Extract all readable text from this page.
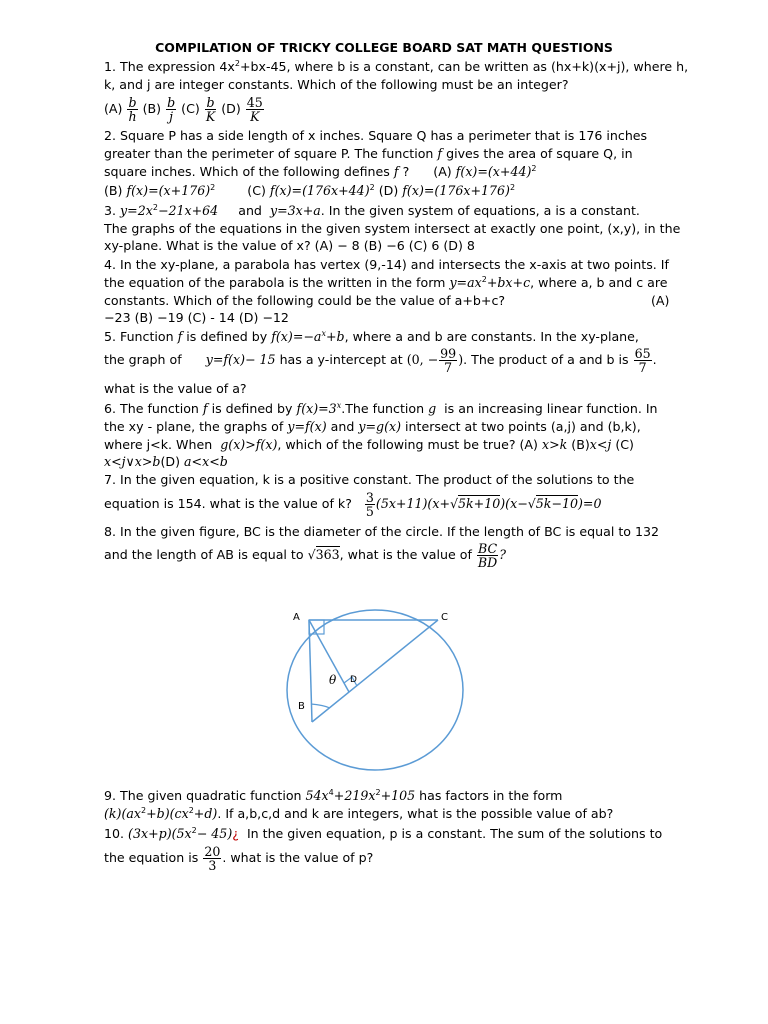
COMPILATION OF TRICKY COLLEGE BOARD SAT MATH QUESTIONS
1. The expression $4x^2+bx-45$, where b is a constant, can be written as (hx+k)(x+j), where h,
k, and j are integer constants. Which of the following must be an integer?
$(A) \frac{b}{h} (B) \frac{b}{j} (C) \frac{b}{K} (D) \frac{45}{K}$
2. Square P has a side length of x inches. Square Q has a perimeter that is 176 inches
greater than the perimeter of square P. The function f gives the area of square Q, in
square inches. Which of the following defines f ? (A) $f(x)=(x+44)^2$
(B) $f(x)=(x+176)^2$	(C) $f(x)=(176x+44)^2$ (D) $f(x)=(176x+176)^2$
3. $y=2x^2-21x+64$ and y=3x+a. In the given system of equations, a is a constant.
The graphs of the equations in the given system intersect at exactly one point, (x,y), in the
xy-plane. What is the value of x? (A) − 8 (B) −6 (C) 6 (D) 8
4. In the xy-plane, a parabola has vertex (9,-14) and intersects the x-axis at two points. If
the equation of the parabola is the written in the form $y=ax^2+bx+c$, where a, b and c are
constants. Which of the following could be the value of a+b+c?	(A)
−23 (B) −19 (C) - 14 (D) −12
5. Function f is defined by $f(x)=-a^x+b$, where a and b are constants. In the xy-plane,
the graph of y=f(x)− 15 has a y-intercept at (0, − $\frac{99}{7}$ ). The product of a and b is $\frac{65}{7}$ .
what is the value of a?
6. The function f is defined by $f(x)=3^x.The$ function g is an increasing linear function. In
the xy - plane, the graphs of y=f(x) and y=g(x) intersect at two points (a,j) and (b,k),
where j<k. When g(x)>f(x), which of the following must be true? (A) x>k (B)x<j (C)
x<j∨x>b(D) a<x<b
7. In the given equation, k is a positive constant. The product of the solutions to the
equation is 154. what is the value of k? $\frac{3}{5} (5x+11)(x+√5k+10)(x-√5k-10)=0$
8. In the given figure, BC is the diameter of the circle. If the length of BC is equal to 132
and the length of AB is equal to √363, what is the value of $\frac{BC}{BD}$ ?
A
B
C
D
θ
9. The given quadratic function $54x^4+219x^2+105$ has factors in the form
$(k)(ax^2+b)(cx^2+d)$. If a,b,c,d and k are integers, what is the possible value of ab?
10. $(3x+p)(5x^2-$ 45)¿ In the given equation, p is a constant. The sum of the solutions to
the equation is $\frac{20}{3}$ . what is the value of p?
